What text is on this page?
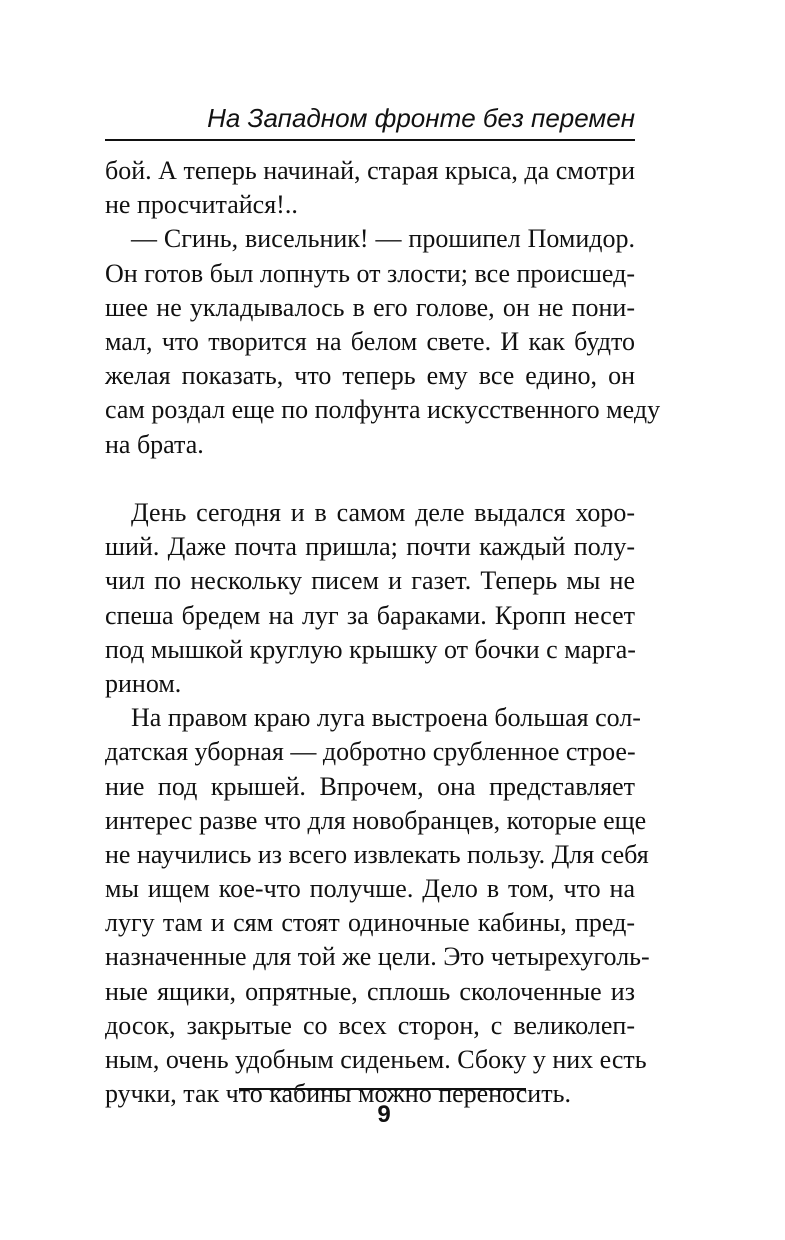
На Западном фронте без перемен
бой. А теперь начинай, старая крыса, да смотри
не просчитайся!..
— Сгинь, висельник! — прошипел Помидор.
Он готов был лопнуть от злости; все происшед-
шее не укладывалось в его голове, он не пони-
мал, что творится на белом свете. И как будто
желая показать, что теперь ему все едино, он
сам роздал еще по полфунта искусственного меду
на брата.
День сегодня и в самом деле выдался хоро-
ший. Даже почта пришла; почти каждый полу-
чил по нескольку писем и газет. Теперь мы не
спеша бредем на луг за бараками. Кропп несет
под мышкой круглую крышку от бочки с марга-
рином.
На правом краю луга выстроена большая сол-
датская уборная — добротно срубленное строе-
ние под крышей. Впрочем, она представляет
интерес разве что для новобранцев, которые еще
не научились из всего извлекать пользу. Для себя
мы ищем кое-что получше. Дело в том, что на
лугу там и сям стоят одиночные кабины, пред-
назначенные для той же цели. Это четырехуголь-
ные ящики, опрятные, сплошь сколоченные из
досок, закрытые со всех сторон, с великолеп-
ным, очень удобным сиденьем. Сбоку у них есть
ручки, так что кабины можно переносить.
9
